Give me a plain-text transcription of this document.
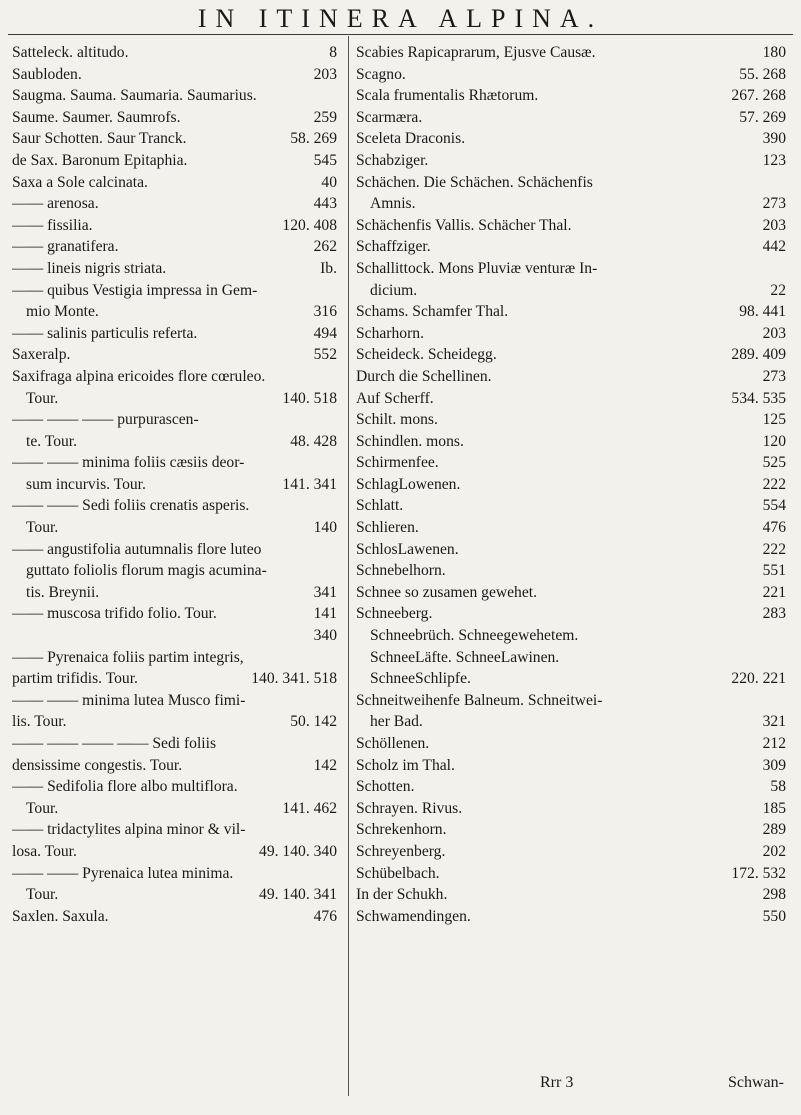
IN ITINERA ALPINA.
Satteleck. altitudo.	8
Saubloden.	203
Saugma. Sauma. Saumaria. Saumarius.
Saume. Saumer. Saumrofs.	259
Saur Schotten. Saur Tranck.	58. 269
de Sax. Baronum Epitaphia.	545
Saxa a Sole calcinata.	40
—— arenosa.	443
—— fissilia.	120. 408
—— granatifera.	262
—— lineis nigris striata.	Ib.
—— quibus Vestigia impressa in Gem-
mio Monte.	316
—— salinis particulis referta.	494
Saxeralp.	552
Saxifraga alpina ericoides flore cœruleo.
Tour.	140. 518
—— —— —— purpurascen-
te. Tour.	48. 428
—— —— minima foliis cæsiis deor-
sum incurvis. Tour.	141. 341
—— —— Sedi foliis crenatis asperis.
Tour.	140
—— angustifolia autumnalis flore luteo
guttato foliolis florum magis acumina-
tis. Breynii.	341
—— muscosa trifido folio. Tour.	141
340
—— Pyrenaica foliis partim integris,
partim trifidis. Tour.	140. 341. 518
—— —— minima lutea Musco fimi-
lis. Tour.	50. 142
—— —— —— —— Sedi foliis
densissime congestis. Tour.	142
—— Sedifolia flore albo multiflora.
Tour.	141. 462
—— tridactylites alpina minor & vil-
losa. Tour.	49. 140. 340
—— —— Pyrenaica lutea minima.
Tour.	49. 140. 341
Saxlen. Saxula.	476
Scabies Rapicaprarum, Ejusve Causæ.	180
Scagno.	55. 268
Scala frumentalis Rhætorum.	267. 268
Scarmæra.	57. 269
Sceleta Draconis.	390
Schabziger.	123
Schächen. Die Schächen. Schächenfis
Amnis.	273
Schächenfis Vallis. Schächer Thal.	203
Schaffziger.	442
Schallittock. Mons Pluviæ venturæ In-
dicium.	22
Schams. Schamfer Thal.	98. 441
Scharhorn.	203
Scheideck. Scheidegg.	289. 409
Durch die Schellinen.	273
Auf Scherff.	534. 535
Schilt. mons.	125
Schindlen. mons.	120
Schirmenfee.	525
SchlagLowenen.	222
Schlatt.	554
Schlieren.	476
SchlosLawenen.	222
Schnebelhorn.	551
Schnee so zusamen gewehet.	221
Schneeberg.	283
Schneebrüch. Schneegewehetem.
SchneeLäfte. SchneeLawinen.
SchneeSchlipfe.	220. 221
Schneitweihenfe Balneum. Schneitwei-
her Bad.	321
Schöllenen.	212
Scholz im Thal.	309
Schotten.	58
Schrayen. Rivus.	185
Schrekenhorn.	289
Schreyenberg.	202
Schübelbach.	172. 532
In der Schukh.	298
Schwamendingen.	550
Rrr 3	Schwan-
